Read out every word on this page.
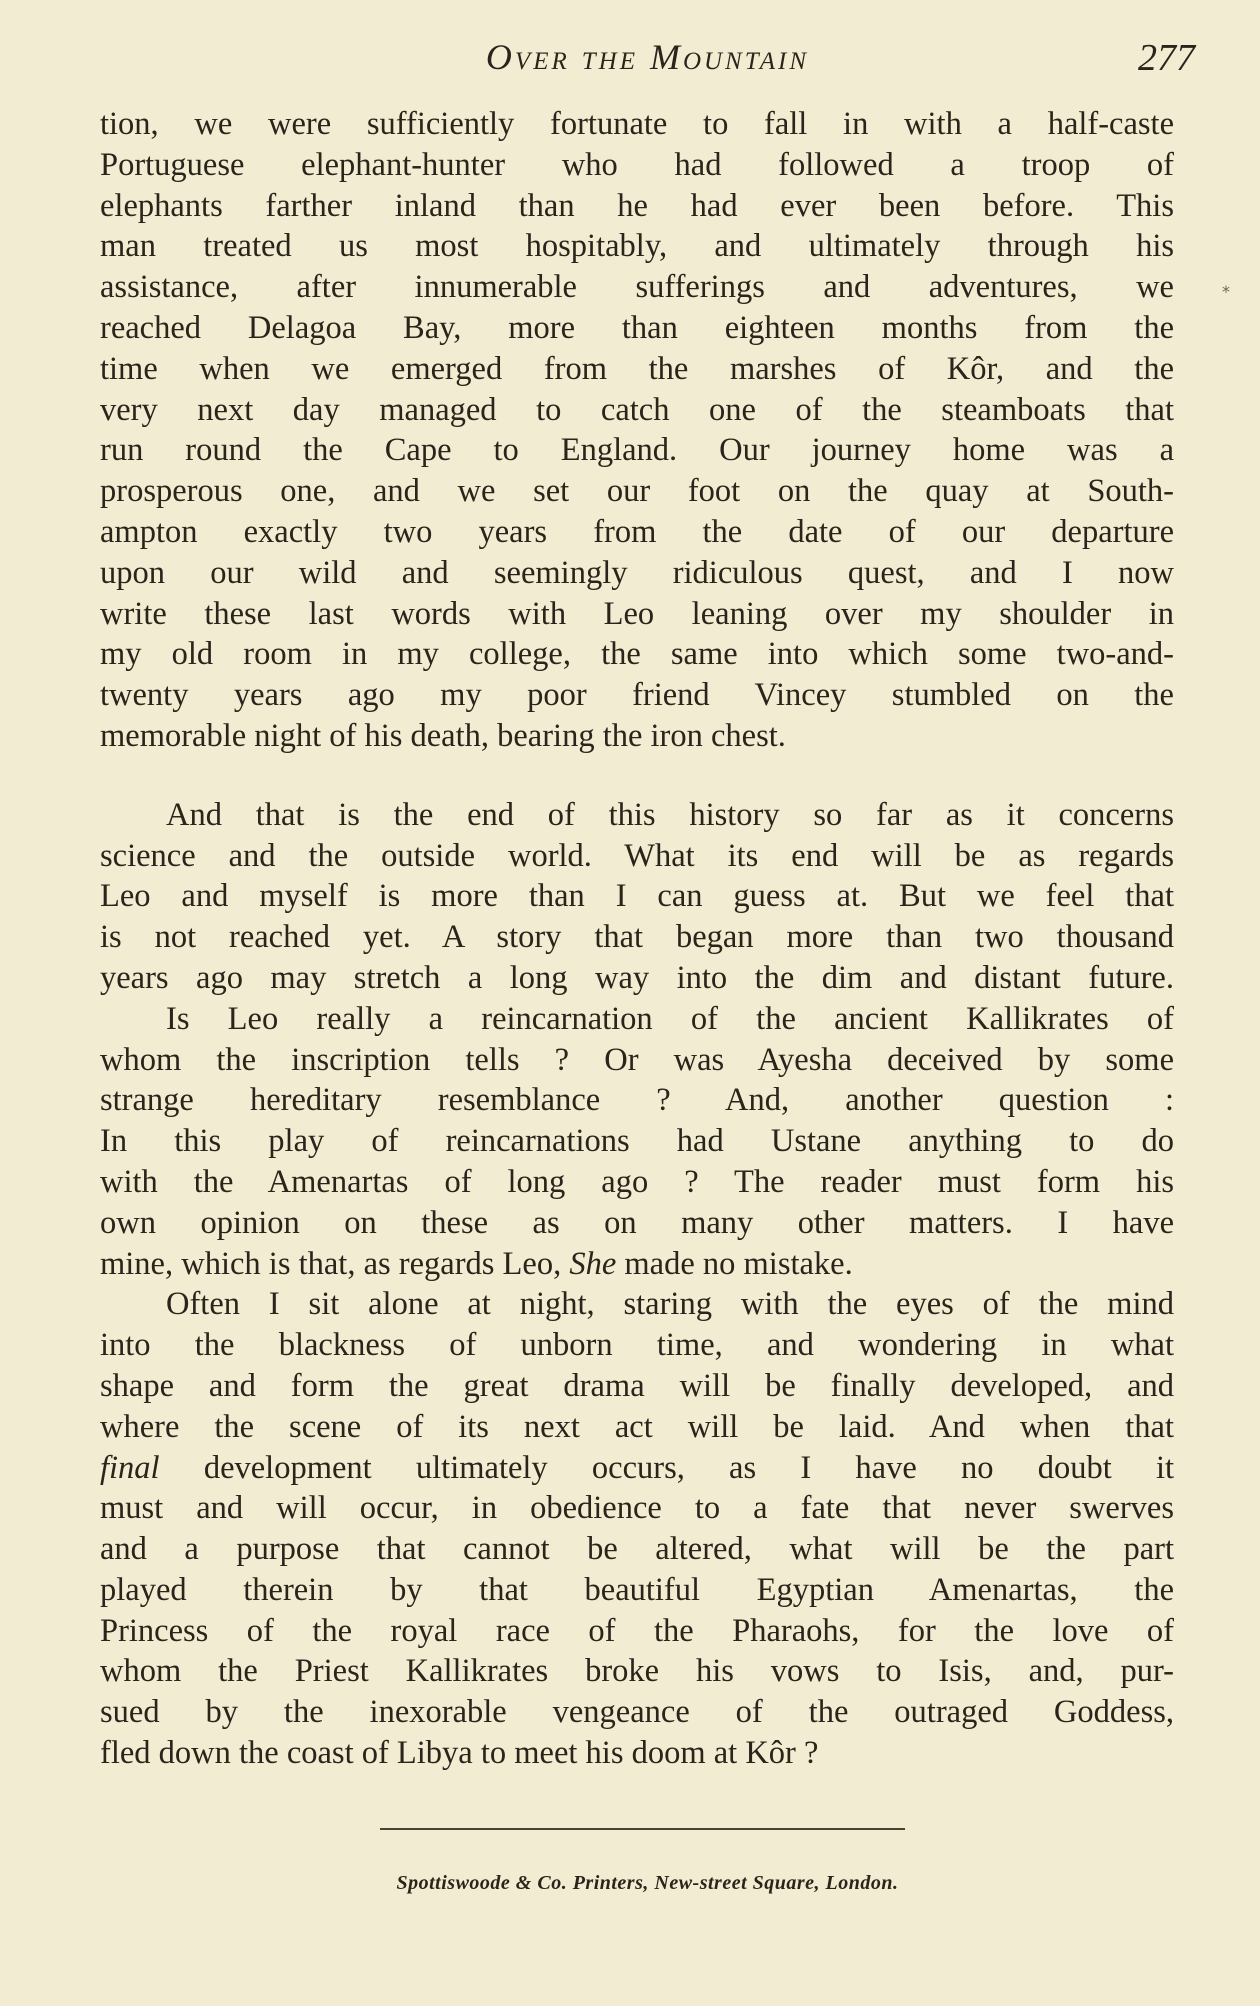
Over the Mountain	277
*
tion, we were sufficiently fortunate to fall in with a half-caste
Portuguese elephant-hunter who had followed a troop of
elephants farther inland than he had ever been before. This
man treated us most hospitably, and ultimately through his
assistance, after innumerable sufferings and adventures, we
reached Delagoa Bay, more than eighteen months from the
time when we emerged from the marshes of Kôr, and the
very next day managed to catch one of the steamboats that
run round the Cape to England. Our journey home was a
prosperous one, and we set our foot on the quay at South-
ampton exactly two years from the date of our departure
upon our wild and seemingly ridiculous quest, and I now
write these last words with Leo leaning over my shoulder in
my old room in my college, the same into which some two-and-
twenty years ago my poor friend Vincey stumbled on the
memorable night of his death, bearing the iron chest.
And that is the end of this history so far as it concerns
science and the outside world. What its end will be as regards
Leo and myself is more than I can guess at. But we feel that
is not reached yet. A story that began more than two thousand
years ago may stretch a long way into the dim and distant future.
Is Leo really a reincarnation of the ancient Kallikrates of
whom the inscription tells ? Or was Ayesha deceived by some
strange hereditary resemblance ? And, another question :
In this play of reincarnations had Ustane anything to do
with the Amenartas of long ago ? The reader must form his
own opinion on these as on many other matters. I have
mine, which is that, as regards Leo, She made no mistake.
Often I sit alone at night, staring with the eyes of the mind
into the blackness of unborn time, and wondering in what
shape and form the great drama will be finally developed, and
where the scene of its next act will be laid. And when that
final development ultimately occurs, as I have no doubt it
must and will occur, in obedience to a fate that never swerves
and a purpose that cannot be altered, what will be the part
played therein by that beautiful Egyptian Amenartas, the
Princess of the royal race of the Pharaohs, for the love of
whom the Priest Kallikrates broke his vows to Isis, and, pur-
sued by the inexorable vengeance of the outraged Goddess,
fled down the coast of Libya to meet his doom at Kôr ?
Spottiswoode & Co. Printers, New-street Square, London.
